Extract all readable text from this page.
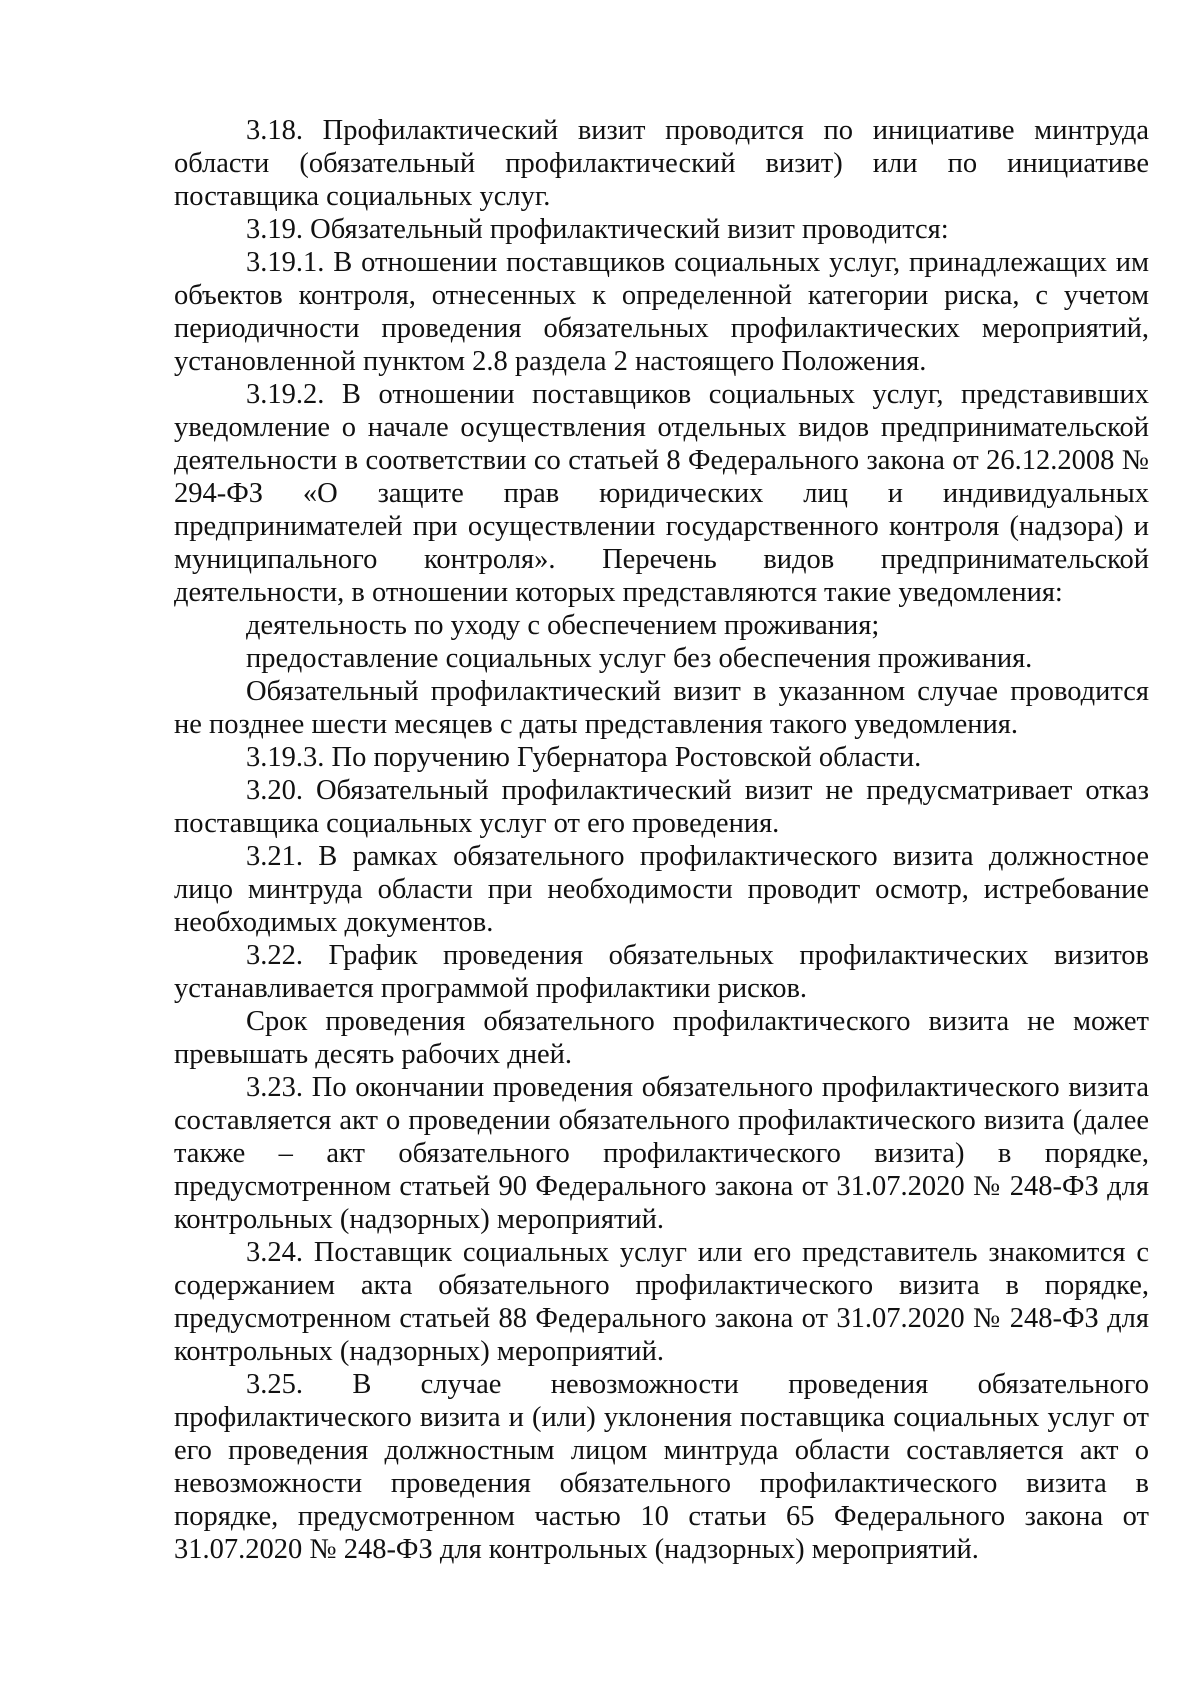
3.18. Профилактический визит проводится по инициативе минтруда области (обязательный профилактический визит) или по инициативе поставщика социальных услуг.

3.19. Обязательный профилактический визит проводится:

3.19.1. В отношении поставщиков социальных услуг, принадлежащих им объектов контроля, отнесенных к определенной категории риска, с учетом периодичности проведения обязательных профилактических мероприятий, установленной пунктом 2.8 раздела 2 настоящего Положения.

3.19.2. В отношении поставщиков социальных услуг, представивших уведомление о начале осуществления отдельных видов предпринимательской деятельности в соответствии со статьей 8 Федерального закона от 26.12.2008 № 294-ФЗ «О защите прав юридических лиц и индивидуальных предпринимателей при осуществлении государственного контроля (надзора) и муниципального контроля». Перечень видов предпринимательской деятельности, в отношении которых представляются такие уведомления:

деятельность по уходу с обеспечением проживания;

предоставление социальных услуг без обеспечения проживания.

Обязательный профилактический визит в указанном случае проводится не позднее шести месяцев с даты представления такого уведомления.

3.19.3. По поручению Губернатора Ростовской области.

3.20. Обязательный профилактический визит не предусматривает отказ поставщика социальных услуг от его проведения.

3.21. В рамках обязательного профилактического визита должностное лицо минтруда области при необходимости проводит осмотр, истребование необходимых документов.

3.22. График проведения обязательных профилактических визитов устанавливается программой профилактики рисков.

Срок проведения обязательного профилактического визита не может превышать десять рабочих дней.

3.23. По окончании проведения обязательного профилактического визита составляется акт о проведении обязательного профилактического визита (далее также – акт обязательного профилактического визита) в порядке, предусмотренном статьей 90 Федерального закона от 31.07.2020 № 248-ФЗ для контрольных (надзорных) мероприятий.

3.24. Поставщик социальных услуг или его представитель знакомится с содержанием акта обязательного профилактического визита в порядке, предусмотренном статьей 88 Федерального закона от 31.07.2020 № 248-ФЗ для контрольных (надзорных) мероприятий.

3.25. В случае невозможности проведения обязательного профилактического визита и (или) уклонения поставщика социальных услуг от его проведения должностным лицом минтруда области составляется акт о невозможности проведения обязательного профилактического визита в порядке, предусмотренном частью 10 статьи 65 Федерального закона от 31.07.2020 № 248-ФЗ для контрольных (надзорных) мероприятий.
